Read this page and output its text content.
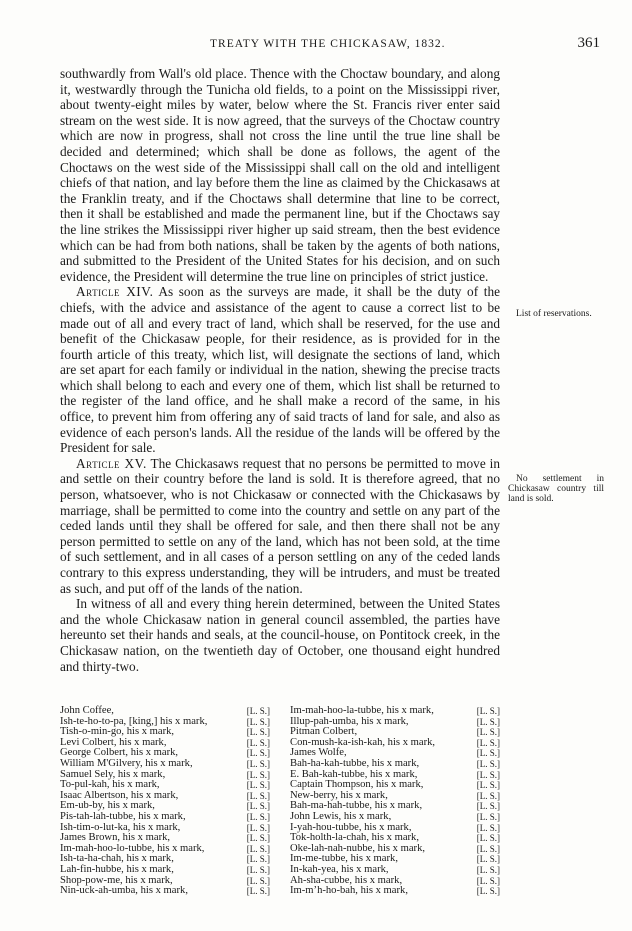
TREATY WITH THE CHICKASAW, 1832.	361

southwardly from Wall's old place. Thence with the Choctaw boundary, and along it, westwardly through the Tunicha old fields, to a point on the Mississippi river, about twenty-eight miles by water, below where the St. Francis river enter said stream on the west side. It is now agreed, that the surveys of the Choctaw country which are now in progress, shall not cross the line until the true line shall be decided and determined; which shall be done as follows, the agent of the Choctaws on the west side of the Mississippi shall call on the old and intelligent chiefs of that nation, and lay before them the line as claimed by the Chickasaws at the Franklin treaty, and if the Choctaws shall determine that line to be correct, then it shall be established and made the permanent line, but if the Choctaws say the line strikes the Mississippi river higher up said stream, then the best evidence which can be had from both nations, shall be taken by the agents of both nations, and submitted to the President of the United States for his decision, and on such evidence, the President will determine the true line on principles of strict justice.

Article XIV. As soon as the surveys are made, it shall be the duty of the chiefs, with the advice and assistance of the agent to cause a correct list to be made out of all and every tract of land, which shall be reserved, for the use and benefit of the Chickasaw people, for their residence, as is provided for in the fourth article of this treaty, which list, will designate the sections of land, which are set apart for each family or individual in the nation, shewing the precise tracts which shall belong to each and every one of them, which list shall be returned to the register of the land office, and he shall make a record of the same, in his office, to prevent him from offering any of said tracts of land for sale, and also as evidence of each person's lands. All the residue of the lands will be offered by the President for sale.

Article XV. The Chickasaws request that no persons be permitted to move in and settle on their country before the land is sold. It is therefore agreed, that no person, whatsoever, who is not Chickasaw or connected with the Chickasaws by marriage, shall be permitted to come into the country and settle on any part of the ceded lands until they shall be offered for sale, and then there shall not be any person permitted to settle on any of the land, which has not been sold, at the time of such settlement, and in all cases of a person settling on any of the ceded lands contrary to this express understanding, they will be intruders, and must be treated as such, and put off of the lands of the nation.

In witness of all and every thing herein determined, between the United States and the whole Chickasaw nation in general council assembled, the parties have hereunto set their hands and seals, at the council-house, on Pontitock creek, in the Chickasaw nation, on the twentieth day of October, one thousand eight hundred and thirty-two.

List of reservations.
No settlement in Chickasaw country till land is sold.
John Coffee,	[L. S.]
Ish-te-ho-to-pa, [king,] his x mark,	[L. S.]
Tish-o-min-go, his x mark,	[L. S.]
Levi Colbert, his x mark,	[L. S.]
George Colbert, his x mark,	[L. S.]
William M'Gilvery, his x mark,	[L. S.]
Samuel Sely, his x mark,	[L. S.]
To-pul-kah, his x mark,	[L. S.]
Isaac Albertson, his x mark,	[L. S.]
Em-ub-by, his x mark,	[L. S.]
Pis-tah-lah-tubbe, his x mark,	[L. S.]
Ish-tim-o-lut-ka, his x mark,	[L. S.]
James Brown, his x mark,	[L. S.]
Im-mah-hoo-lo-tubbe, his x mark,	[L. S.]
Ish-ta-ha-chah, his x mark,	[L. S.]
Lah-fin-hubbe, his x mark,	[L. S.]
Shop-pow-me, his x mark,	[L. S.]
Nin-uck-ah-umba, his x mark,	[L. S.]
Im-mah-hoo-la-tubbe, his x mark,	[L. S.]
Illup-pah-umba, his x mark,	[L. S.]
Pitman Colbert,	[L. S.]
Con-mush-ka-ish-kah, his x mark,	[L. S.]
James Wolfe,	[L. S.]
Bah-ha-kah-tubbe, his x mark,	[L. S.]
E. Bah-kah-tubbe, his x mark,	[L. S.]
Captain Thompson, his x mark,	[L. S.]
New-berry, his x mark,	[L. S.]
Bah-ma-hah-tubbe, his x mark,	[L. S.]
John Lewis, his x mark,	[L. S.]
I-yah-hou-tubbe, his x mark,	[L. S.]
Tok-holth-la-chah, his x mark,	[L. S.]
Oke-lah-nah-nubbe, his x mark,	[L. S.]
Im-me-tubbe, his x mark,	[L. S.]
In-kah-yea, his x mark,	[L. S.]
Ah-sha-cubbe, his x mark,	[L. S.]
Im-mʼh-ho-bah, his x mark,	[L. S.]
